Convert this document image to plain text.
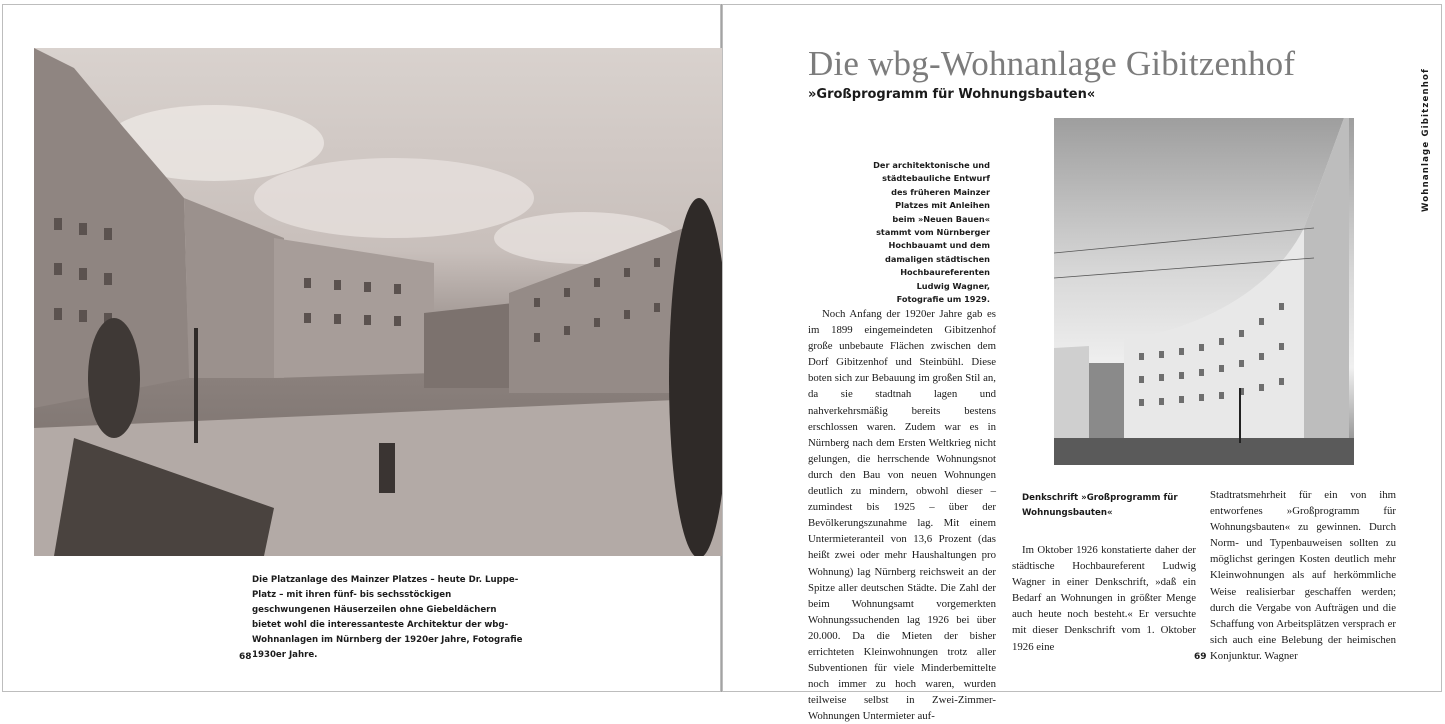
Die Platzanlage des Mainzer Platzes – heute Dr. Luppe-Platz – mit ihren fünf- bis sechsstöckigen geschwungenen Häuserzeilen ohne Giebeldächern bietet wohl die interessanteste Architektur der wbg-Wohnanlagen im Nürnberg der 1920er Jahre, Fotografie 1930er Jahre.
68
Die wbg-Wohnanlage Gibitzenhof
»Großprogramm für Wohnungsbauten«	Wohnanlage Gibitzenhof
Der architektonische und städtebauliche Entwurf des früheren Mainzer Platzes mit Anleihen beim »Neuen Bauen« stammt vom Nürnberger Hochbauamt und dem damaligen städtischen Hochbaureferenten Ludwig Wagner, Fotografie um 1929.

Noch Anfang der 1920er Jahre gab es im 1899 eingemeindeten Gibitzenhof große unbebaute Flächen zwischen dem Dorf Gibitzenhof und Steinbühl. Diese boten sich zur Bebauung im großen Stil an, da sie stadtnah lagen und nahverkehrsmäßig bereits bestens erschlossen waren. Zudem war es in Nürnberg nach dem Ersten Weltkrieg nicht gelungen, die herrschende Wohnungsnot durch den Bau von neuen Wohnungen deutlich zu mindern, obwohl dieser – zumindest bis 1925 – über der Bevölkerungszunahme lag. Mit einem Untermieteranteil von 13,6 Prozent (das heißt zwei oder mehr Haushaltungen pro Wohnung) lag Nürnberg reichsweit an der Spitze aller deutschen Städte. Die Zahl der beim Wohnungsamt vorgemerkten Wohnungssuchenden lag 1926 bei über 20.000. Da die Mieten der bisher errichteten Kleinwohnungen trotz aller Subventionen für viele Minderbemittelte noch immer zu hoch waren, wurden teilweise selbst in Zwei-Zimmer-Wohnungen Untermieter auf-

Denkschrift »Großprogramm für Wohnungsbauten«

Im Oktober 1926 konstatierte daher der städtische Hochbaureferent Ludwig Wagner in einer Denkschrift, »daß ein Bedarf an Wohnungen in größter Menge auch heute noch besteht.« Er versuchte mit dieser Denkschrift vom 1. Oktober 1926 eine

Stadtratsmehrheit für ein von ihm entworfenes »Großprogramm für Wohnungsbauten« zu gewinnen. Durch Norm- und Typenbauweisen sollten zu möglichst geringen Kosten deutlich mehr Kleinwohnungen als auf herkömmliche Weise realisierbar geschaffen werden; durch die Vergabe von Aufträgen und die Schaffung von Arbeitsplätzen versprach er sich auch eine Belebung der heimischen Konjunktur. Wagner

69
